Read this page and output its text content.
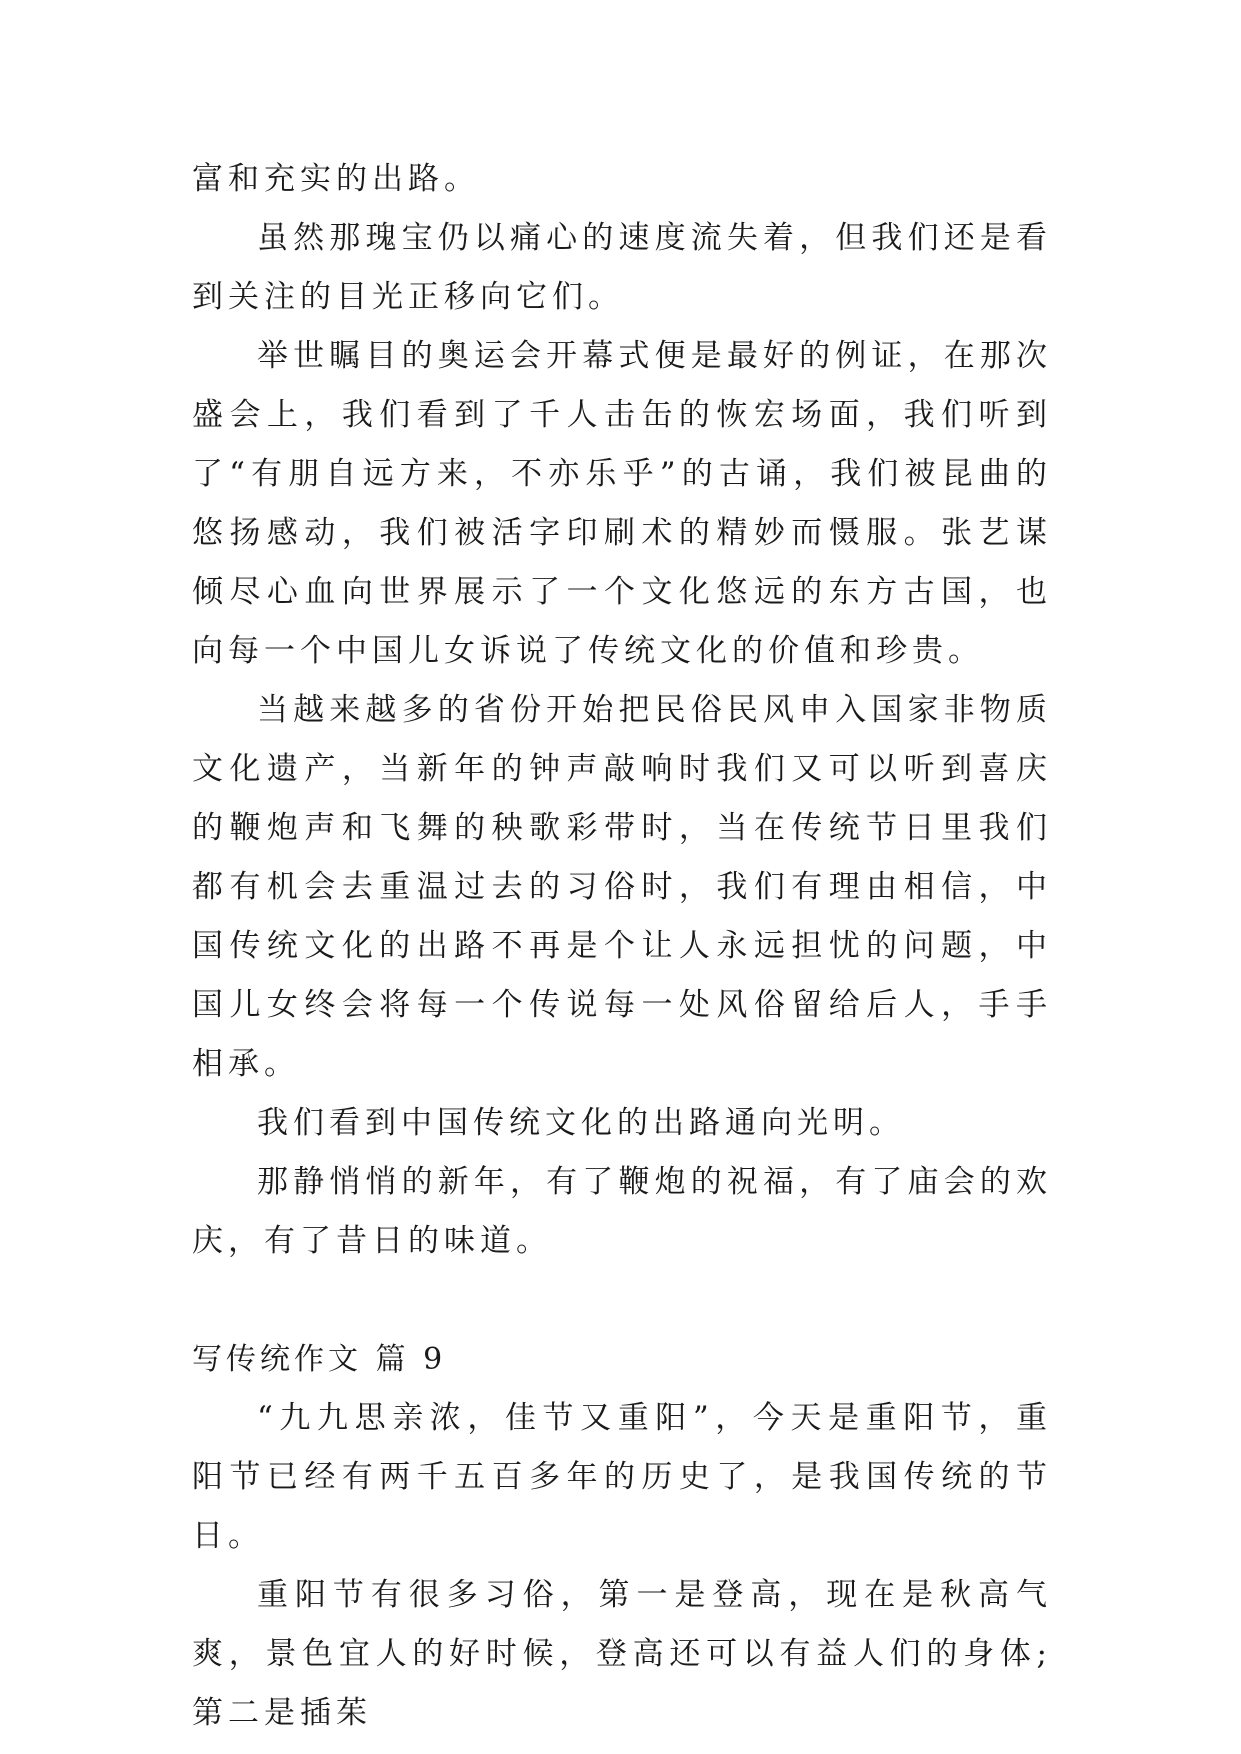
富和充实的出路。

虽然那瑰宝仍以痛心的速度流失着，但我们还是看到关注的目光正移向它们。

举世瞩目的奥运会开幕式便是最好的例证，在那次盛会上，我们看到了千人击缶的恢宏场面，我们听到了“有朋自远方来，不亦乐乎”的古诵，我们被昆曲的悠扬感动，我们被活字印刷术的精妙而慑服。张艺谋倾尽心血向世界展示了一个文化悠远的东方古国，也向每一个中国儿女诉说了传统文化的价值和珍贵。

当越来越多的省份开始把民俗民风申入国家非物质文化遗产，当新年的钟声敲响时我们又可以听到喜庆的鞭炮声和飞舞的秧歌彩带时，当在传统节日里我们都有机会去重温过去的习俗时，我们有理由相信，中国传统文化的出路不再是个让人永远担忧的问题，中国儿女终会将每一个传说每一处风俗留给后人，手手相承。

我们看到中国传统文化的出路通向光明。

那静悄悄的新年，有了鞭炮的祝福，有了庙会的欢庆，有了昔日的味道。

写传统作文 篇 9

“九九思亲浓，佳节又重阳”，今天是重阳节，重阳节已经有两千五百多年的历史了，是我国传统的节日。

重阳节有很多习俗，第一是登高，现在是秋高气爽，景色宜人的好时候，登高还可以有益人们的身体;第二是插茱
